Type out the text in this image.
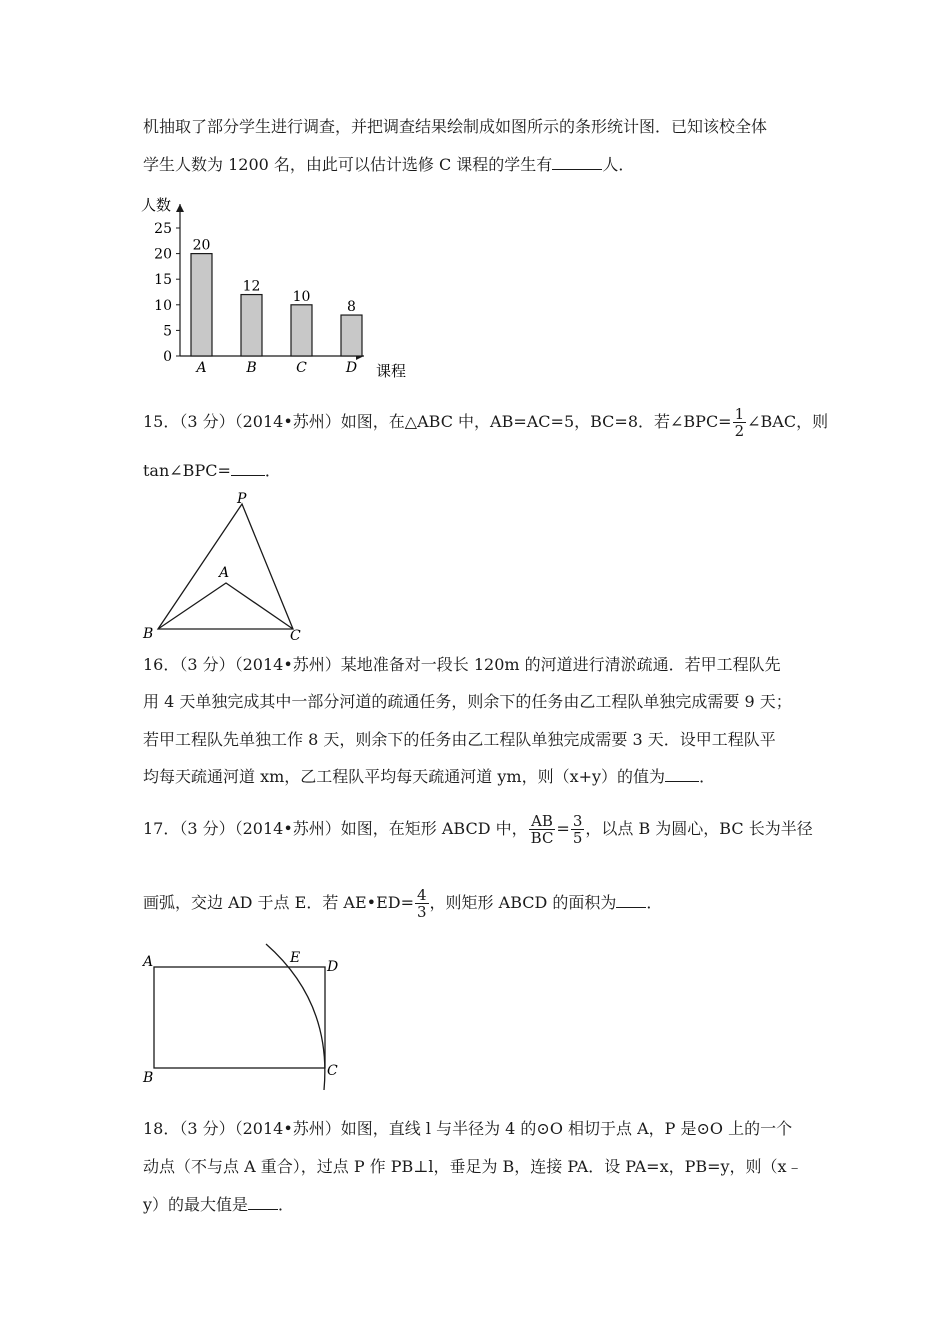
机抽取了部分学生进行调查，并把调查结果绘制成如图所示的条形统计图．已知该校全体
学生人数为 1200 名，由此可以估计选修 C 课程的学生有	人．
人数
课程
0
5
10
15
20
25
20
A
12
B
10
C
8
D
15．（3 分）（2014•苏州）如图，在△ABC 中，AB=AC=5，BC=8．若∠BPC= $\frac{1}{2}$ ∠BAC，则
tan∠BPC= ．
P
A
B	C
16．（3 分）（2014•苏州）某地准备对一段长 120m 的河道进行清淤疏通．若甲工程队先
用 4 天单独完成其中一部分河道的疏通任务，则余下的任务由乙工程队单独完成需要 9 天；
若甲工程队先单独工作 8 天，则余下的任务由乙工程队单独完成需要 3 天．设甲工程队平
均每天疏通河道 xm，乙工程队平均每天疏通河道 ym，则（x+y）的值为 ．
17．（3 分）（2014•苏州）如图，在矩形 ABCD 中， $\frac{AB}{BC} = \frac{3}{5}$ ，以点 B 为圆心，BC 长为半径
画弧，交边 AD 于点 E．若 AE•ED= $\frac{4}{3}$ ，则矩形 ABCD 的面积为 ．
A	E
D
B	C
18．（3 分）（2014•苏州）如图，直线 l 与半径为 4 的⊙O 相切于点 A，P 是⊙O 上的一个
动点（不与点 A 重合），过点 P 作 PB⊥l，垂足为 B，连接 PA．设 PA=x，PB=y，则（x﹣
y）的最大值是 ．
